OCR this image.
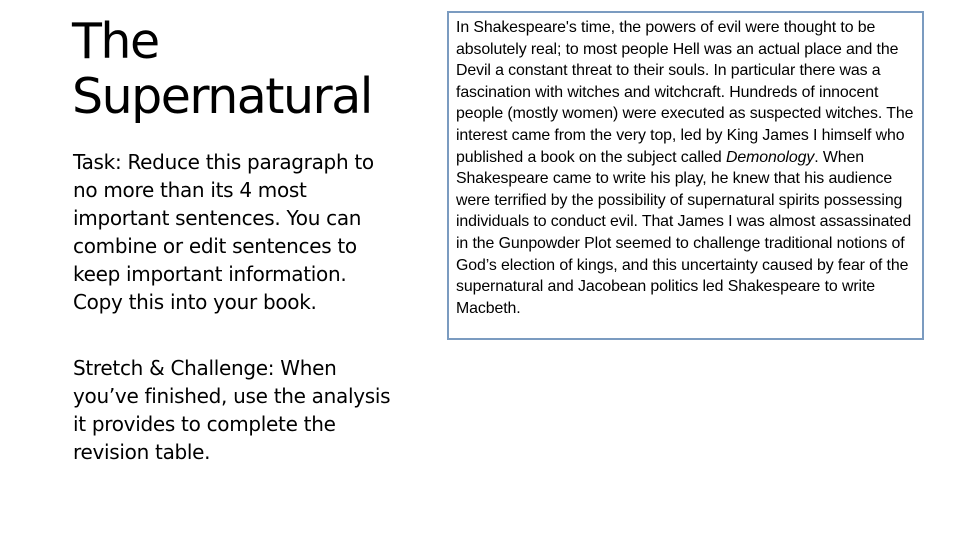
The
Supernatural

Task: Reduce this paragraph to no more than its 4 most important sentences. You can combine or edit sentences to keep important information. Copy this into your book.

Stretch & Challenge: When you’ve finished, use the analysis it provides to complete the revision table.

In Shakespeare's time, the powers of evil were thought to be absolutely real; to most people Hell was an actual place and the Devil a constant threat to their souls. In particular there was a fascination with witches and witchcraft. Hundreds of innocent people (mostly women) were executed as suspected witches. The interest came from the very top, led by King James I himself who published a book on the subject called Demonology. When Shakespeare came to write his play, he knew that his audience were terrified by the possibility of supernatural spirits possessing individuals to conduct evil. That James I was almost assassinated in the Gunpowder Plot seemed to challenge traditional notions of God’s election of kings, and this uncertainty caused by fear of the supernatural and Jacobean politics led Shakespeare to write Macbeth.
